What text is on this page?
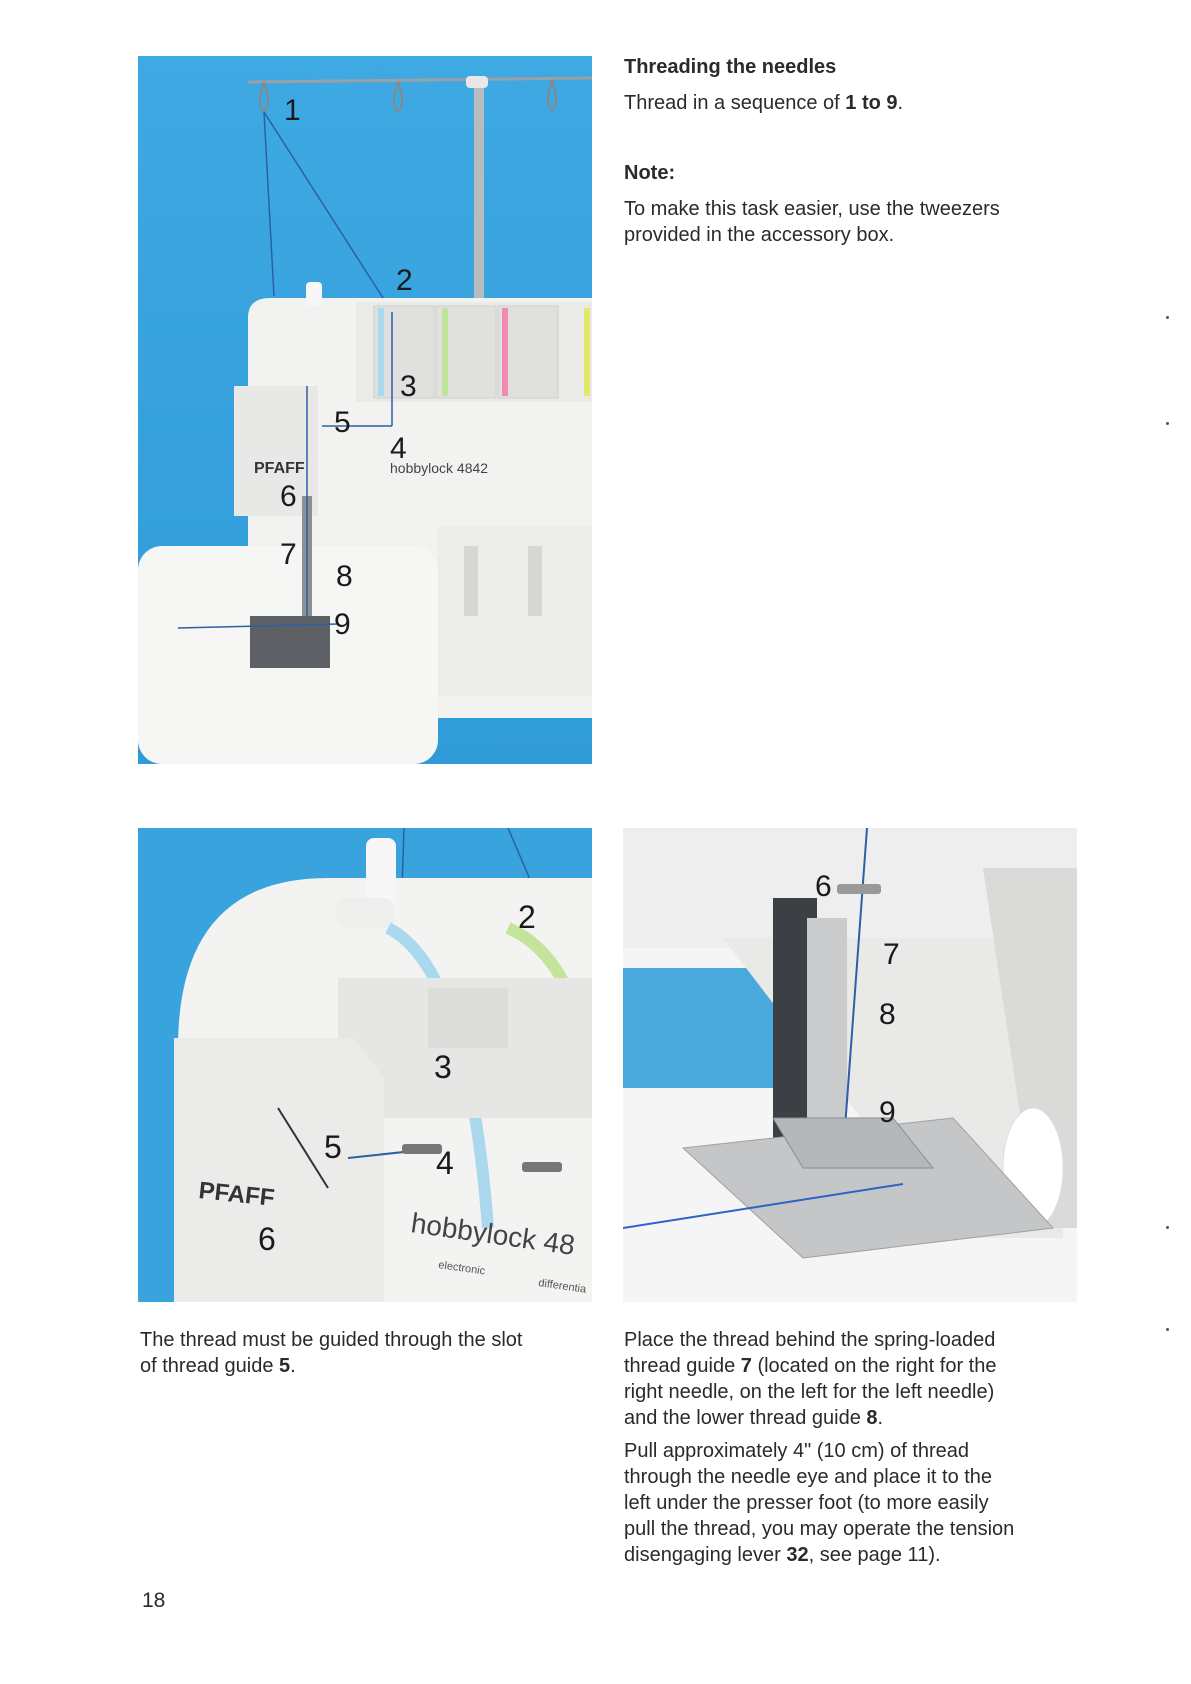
PFAFF	hobbylock 4842
1
2
3
4
5
6
7
8
9
PFAFF
hobbylock 48
electronic
differentia
2
3
4
5
6
6
7
8
9
Threading the needles
Thread in a sequence of 1 to 9.
Note:
To make this task easier, use the tweezers
provided in the accessory box.
The thread must be guided through the slot
of thread guide 5.
Place the thread behind the spring-loaded
thread guide 7 (located on the right for the
right needle, on the left for the left needle)
and the lower thread guide 8.
Pull approximately 4" (10 cm) of thread
through the needle eye and place it to the
left under the presser foot (to more easily
pull the thread, you may operate the tension
disengaging lever 32, see page 11).
18
